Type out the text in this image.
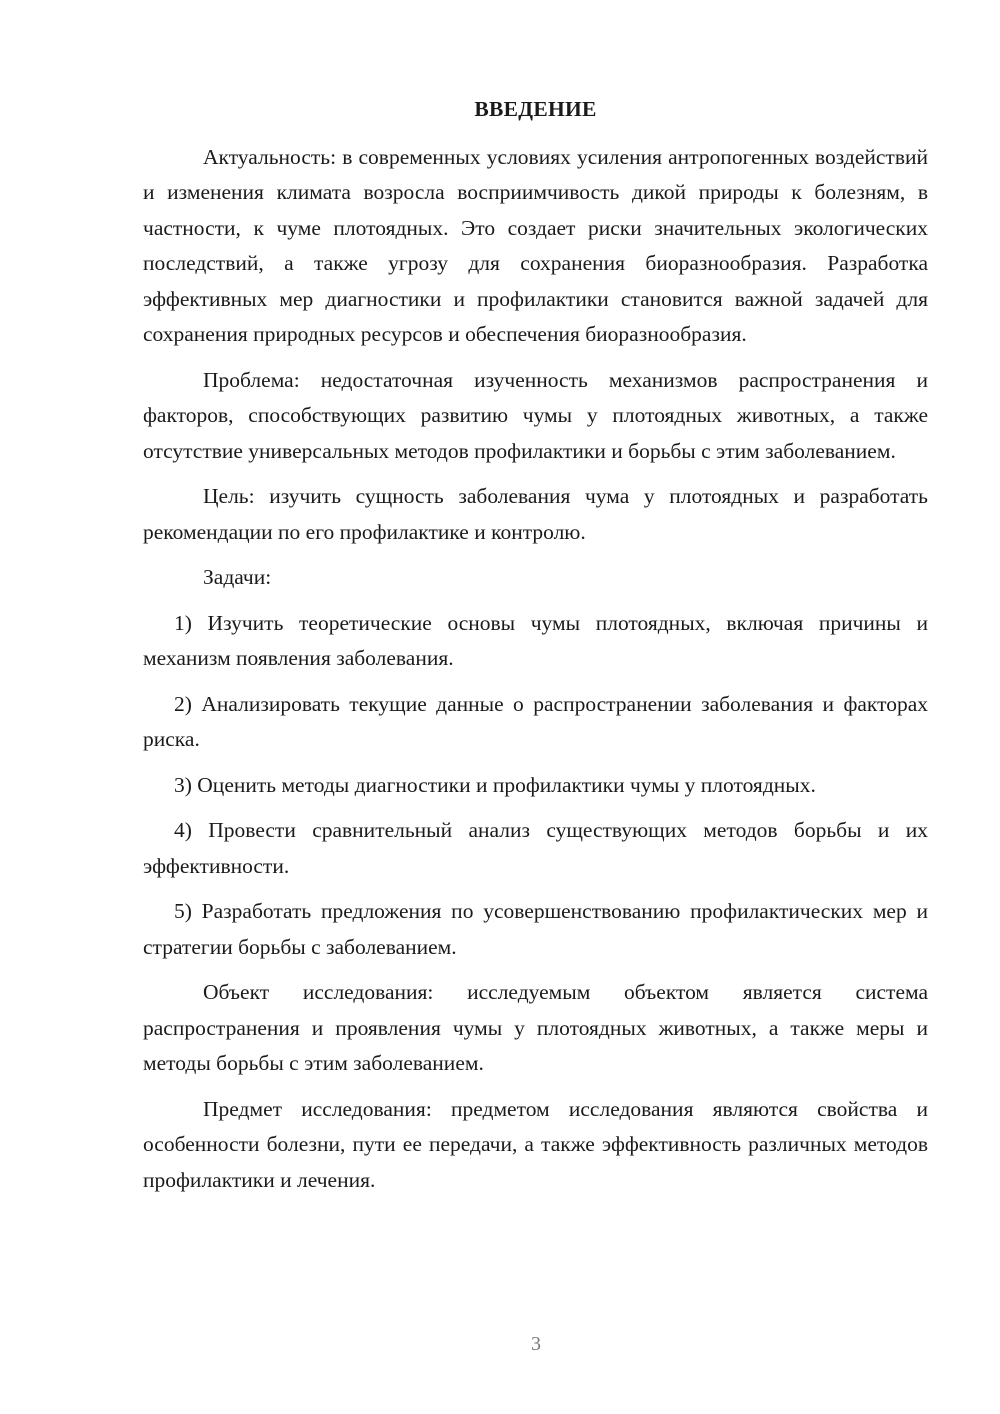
ВВЕДЕНИЕ

Актуальность: в современных условиях усиления антропогенных воздействий и изменения климата возросла восприимчивость дикой природы к болезням, в частности, к чуме плотоядных. Это создает риски значительных экологических последствий, а также угрозу для сохранения биоразнообразия. Разработка эффективных мер диагностики и профилактики становится важной задачей для сохранения природных ресурсов и обеспечения биоразнообразия.

Проблема: недостаточная изученность механизмов распространения и факторов, способствующих развитию чумы у плотоядных животных, а также отсутствие универсальных методов профилактики и борьбы с этим заболеванием.

Цель: изучить сущность заболевания чума у плотоядных и разработать рекомендации по его профилактике и контролю.

Задачи:

1) Изучить теоретические основы чумы плотоядных, включая причины и механизм появления заболевания.

2) Анализировать текущие данные о распространении заболевания и факторах риска.

3) Оценить методы диагностики и профилактики чумы у плотоядных.

4) Провести сравнительный анализ существующих методов борьбы и их эффективности.

5) Разработать предложения по усовершенствованию профилактических мер и стратегии борьбы с заболеванием.

Объект исследования: исследуемым объектом является система распространения и проявления чумы у плотоядных животных, а также меры и методы борьбы с этим заболеванием.

Предмет исследования: предметом исследования являются свойства и особенности болезни, пути ее передачи, а также эффективность различных методов профилактики и лечения.

3
